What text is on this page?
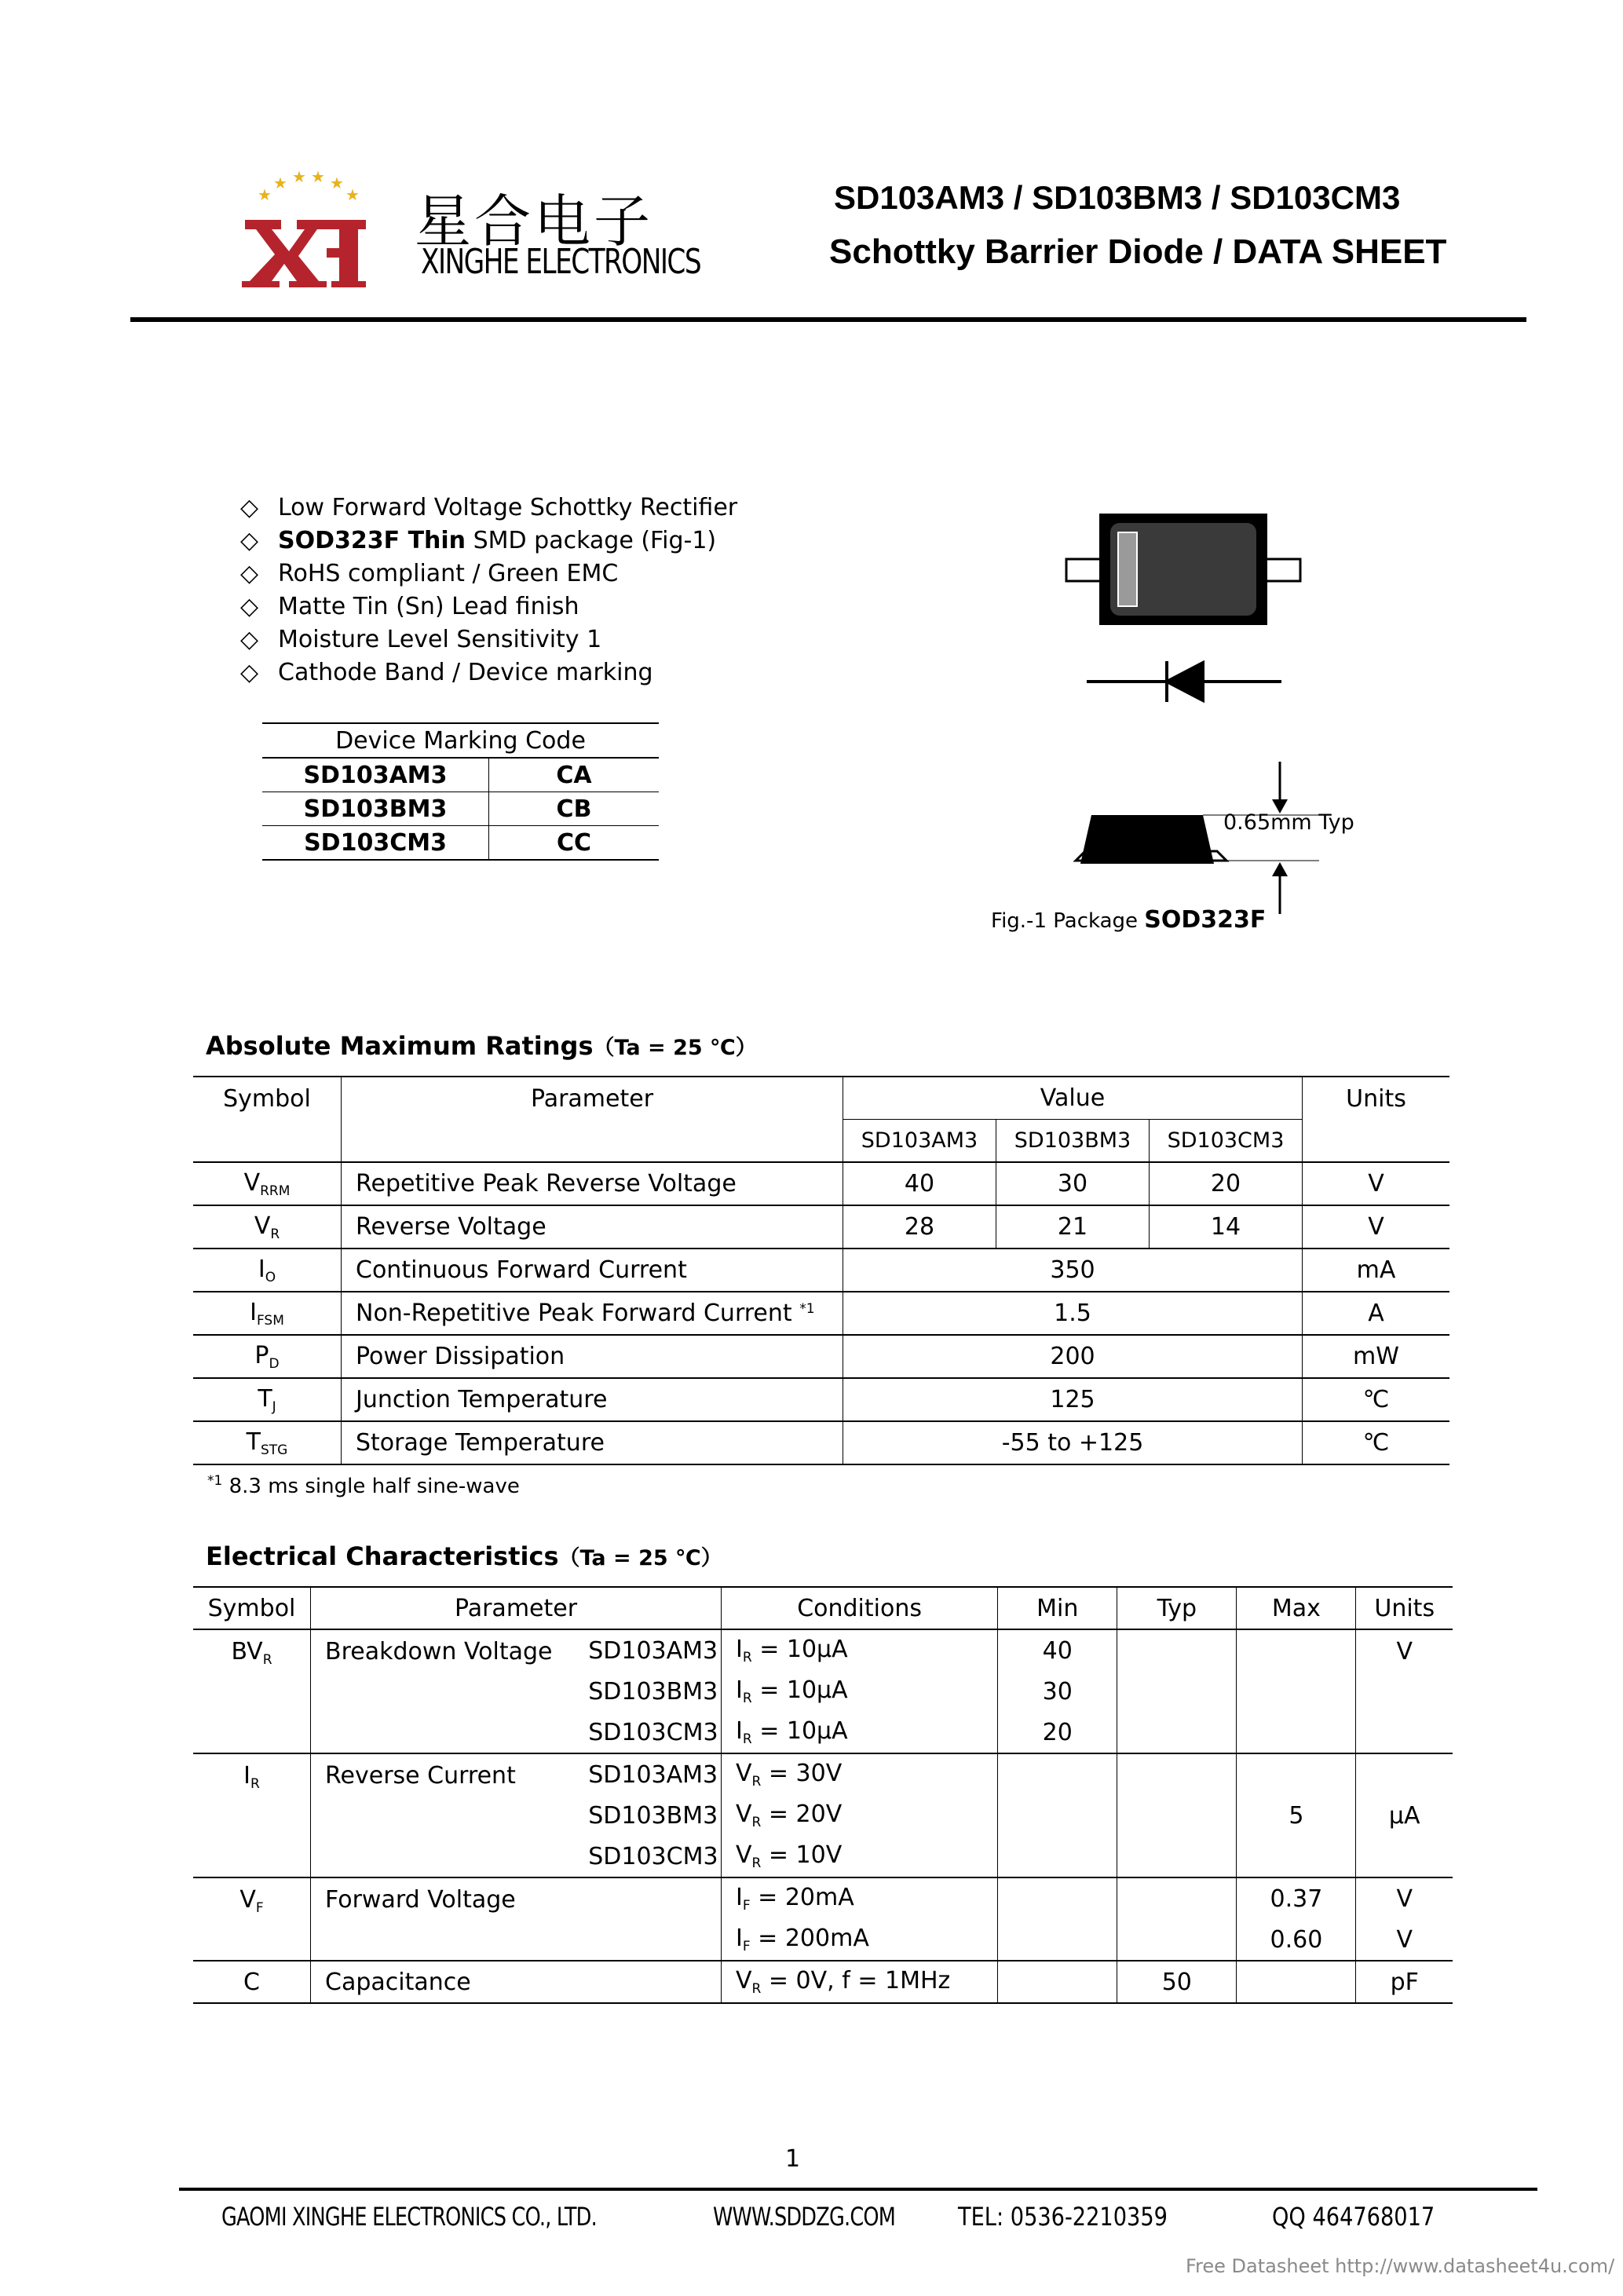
★
★ ★ ★ ★
★ 星合电子
XINGHE ELECTRONICS
SD103AM3 / SD103BM3 / SD103CM3
Schottky Barrier Diode / DATA SHEET
◇ Low Forward Voltage Schottky Rectifier
◇ SOD323F Thin SMD package (Fig-1)
◇ RoHS compliant / Green EMC
◇ Matte Tin (Sn) Lead finish
◇ Moisture Level Sensitivity 1
◇ Cathode Band / Device marking
Device Marking Code	
SD103AM3	CA
SD103BM3	CB
SD103CM3	CC
0.65mm Typ
Fig.-1 Package SOD323F
Absolute Maximum Ratings（Ta = 25 ℃）
Symbol	Parameter	Value			Units
		SD103AM3	SD103BM3	SD103CM3	
$V_{RRM}$	Repetitive Peak Reverse Voltage	40	30	20	V
$V_R$	Reverse Voltage	28	21	14	V
$I_O$	Continuous Forward Current	350			mA
$I_{FSM}$	Non-Repetitive Peak Forward Current $^{*1}$	1.5			A
$P_D$	Power Dissipation	200			mW
$T_J$	Junction Temperature	125			℃
$T_{STG}$	Storage Temperature	-55 to +125			℃
$^{*1}$ 8.3 ms single half sine-wave
Electrical Characteristics（Ta = 25 ℃）
Symbol	Parameter		Conditions	Min	Typ	Max	Units
$BV_R$	Breakdown Voltage	SD103AM3	$I_R = 10\mu A$	40			V
		SD103BM3	$I_R = 10\mu A$	30			
		SD103CM3	$I_R = 10\mu A$	20			
$I_R$	Reverse Current	SD103AM3	$V_R = 30V$			5	μA
		SD103BM3	$V_R = 20V$				
		SD103CM3	$V_R = 10V$				
$V_F$	Forward Voltage		$I_F = 20mA$			0.37	V
			$I_F = 200mA$			0.60	V
C	Capacitance		$V_R = 0V$, f = 1MHz		50		pF
1
GAOMI XINGHE ELECTRONICS CO., LTD.	WWW.SDDZG.COM TEL: 0536-2210359	QQ 464768017
Free Datasheet http://www.datasheet4u.com/
